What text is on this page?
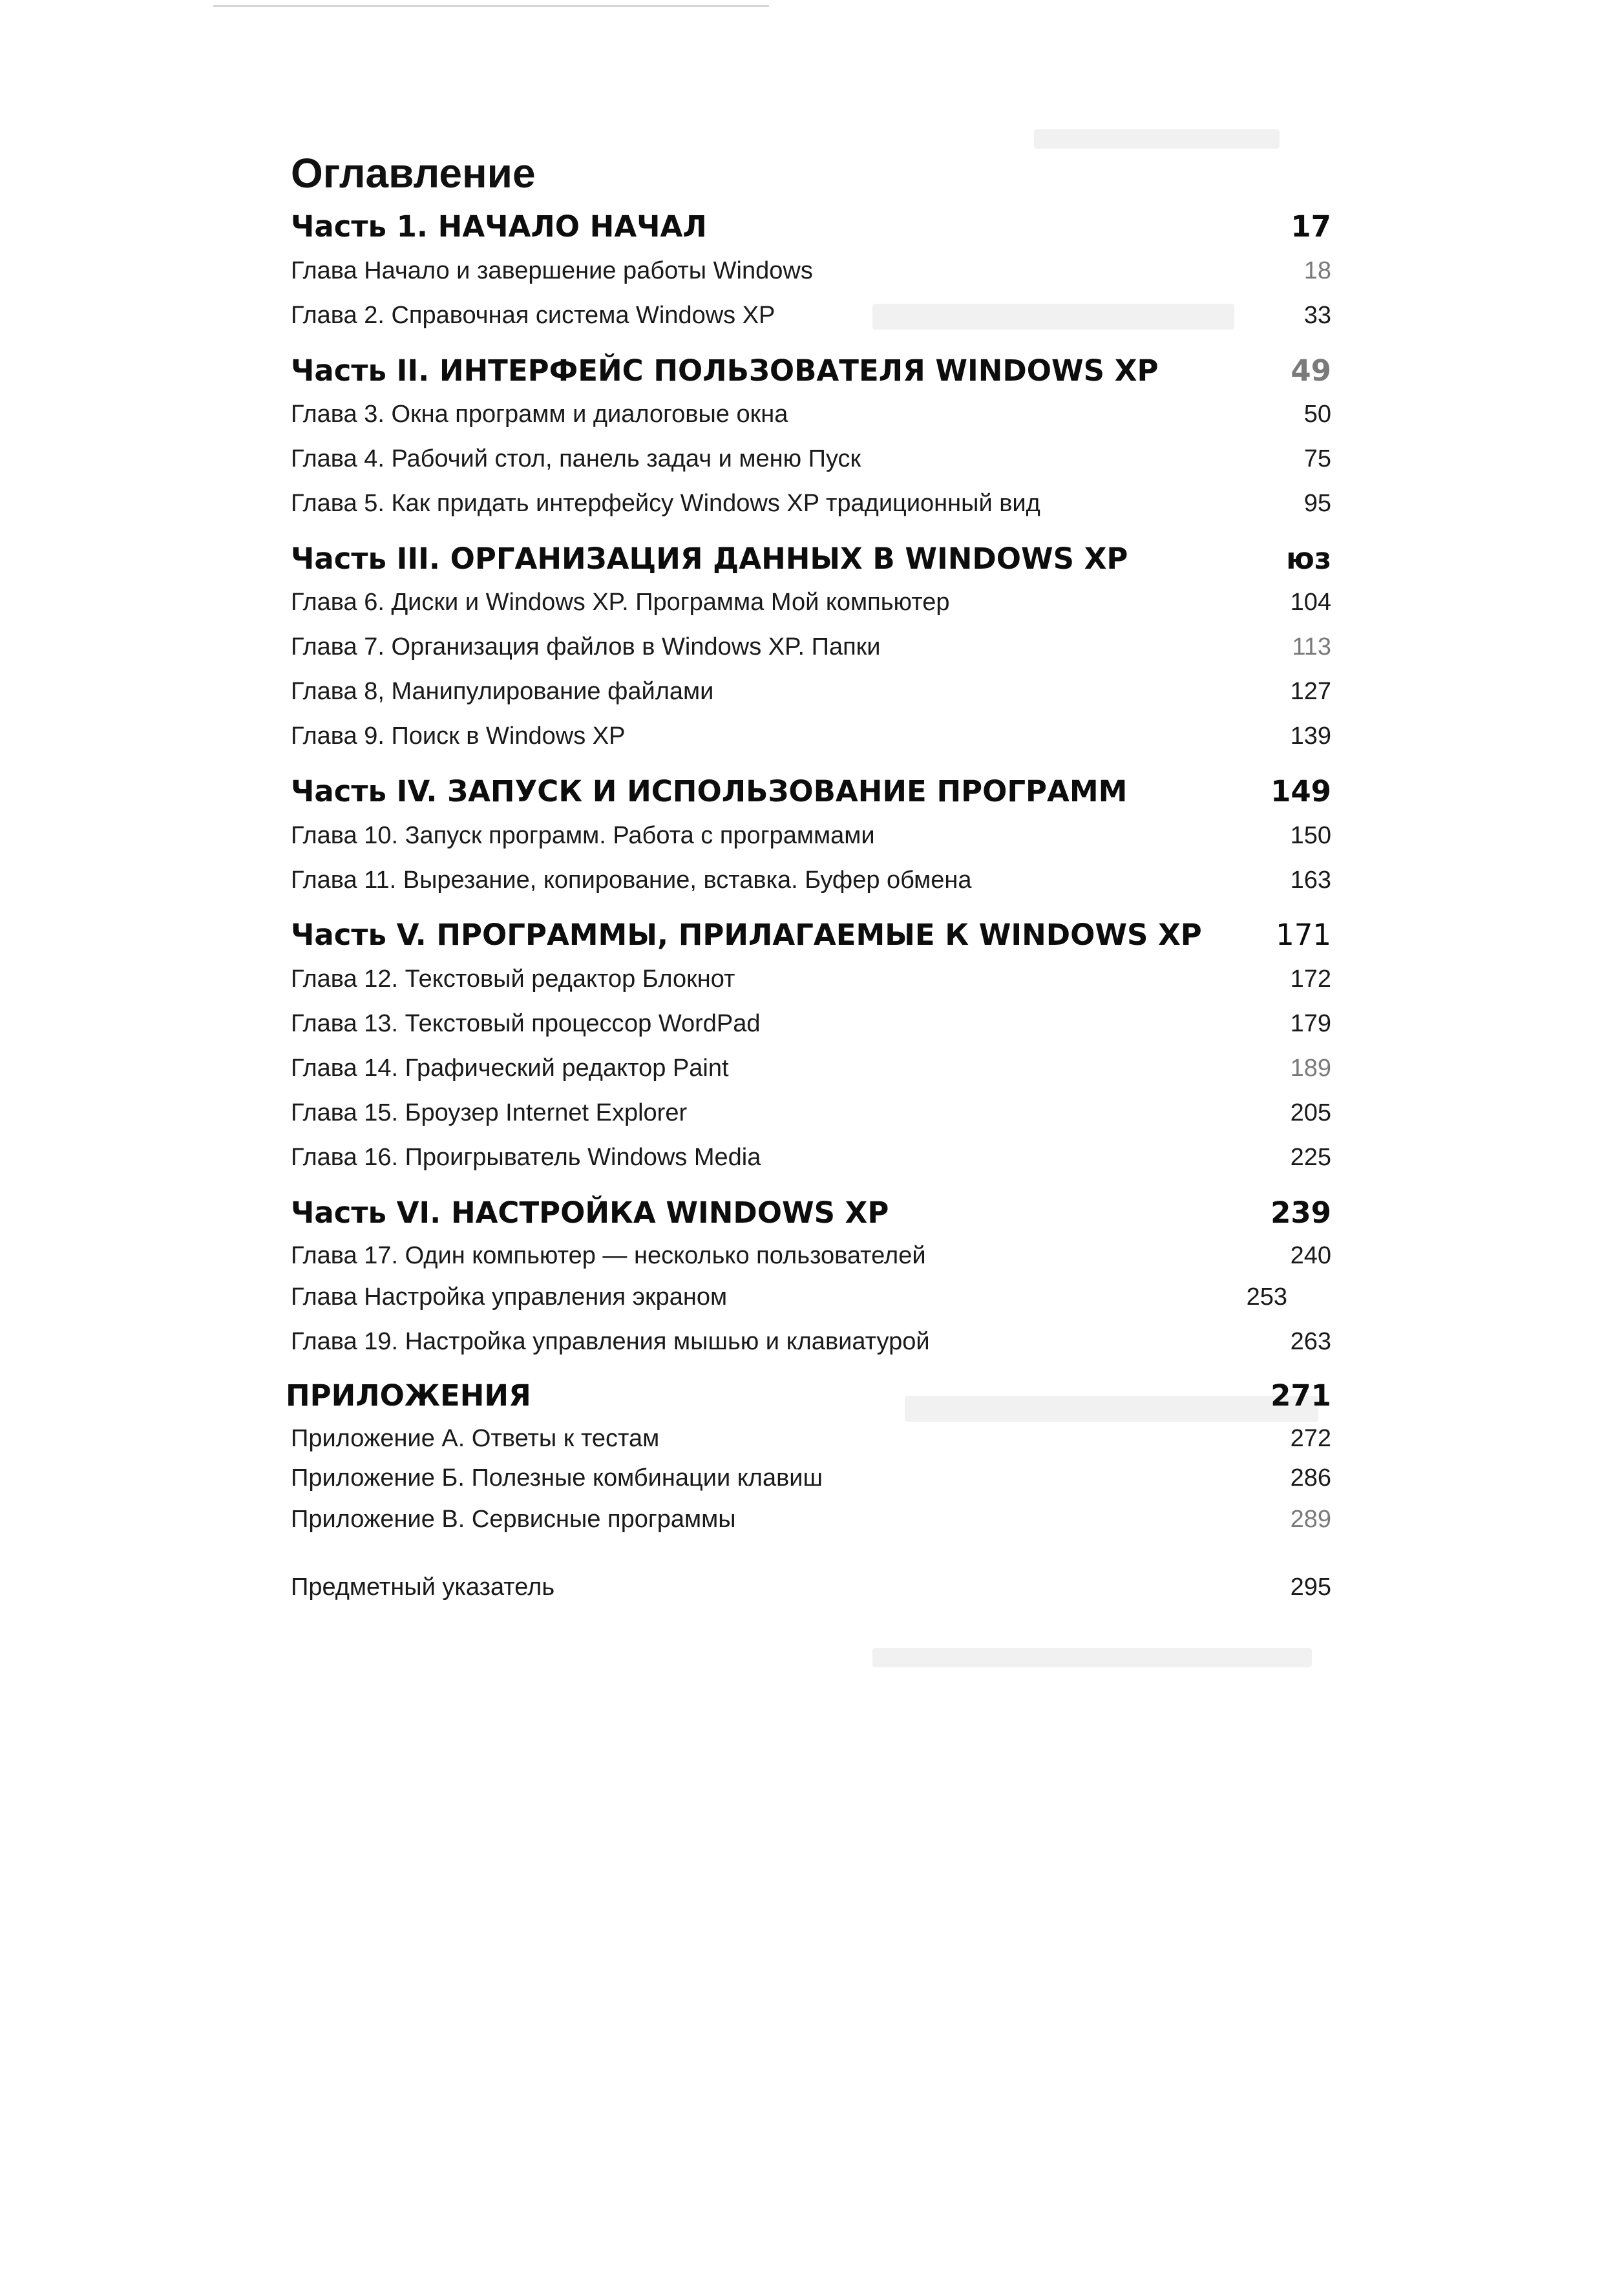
Оглавление
Часть 1. НАЧАЛО НАЧАЛ	17
Глава Начало и завершение работы Windows	18
Глава 2. Справочная система Windows XP	33
Часть II. ИНТЕРФЕЙС ПОЛЬЗОВАТЕЛЯ WINDOWS XP	49
Глава 3. Окна программ и диалоговые окна	50
Глава 4. Рабочий стол, панель задач и меню Пуск	75
Глава 5. Как придать интерфейсу Windows XP традиционный вид	95
Часть III. ОРГАНИЗАЦИЯ ДАННЫХ В WINDOWS XP	юз
Глава 6. Диски и Windows XP. Программа Мой компьютер	104
Глава 7. Организация файлов в Windows XP. Папки	113
Глава 8, Манипулирование файлами	127
Глава 9. Поиск в Windows XP	139
Часть IV. ЗАПУСК И ИСПОЛЬЗОВАНИЕ ПРОГРАММ	149
Глава 10. Запуск программ. Работа с программами	150
Глава 11. Вырезание, копирование, вставка. Буфер обмена	163
Часть V. ПРОГРАММЫ, ПРИЛАГАЕМЫЕ К WINDOWS XP	171
Глава 12. Текстовый редактор Блокнот	172
Глава 13. Текстовый процессор WordPad	179
Глава 14. Графический редактор Paint	189
Глава 15. Броузер Internet Explorer	205
Глава 16. Проигрыватель Windows Media	225
Часть VI. НАСТРОЙКА WINDOWS XP	239
Глава 17. Один компьютер — несколько пользователей	240
Глава Настройка управления экраном	253
Глава 19. Настройка управления мышью и клавиатурой	263
ПРИЛОЖЕНИЯ	271
Приложение А. Ответы к тестам	272
Приложение Б. Полезные комбинации клавиш	286
Приложение В. Сервисные программы	289
Предметный указатель	295
